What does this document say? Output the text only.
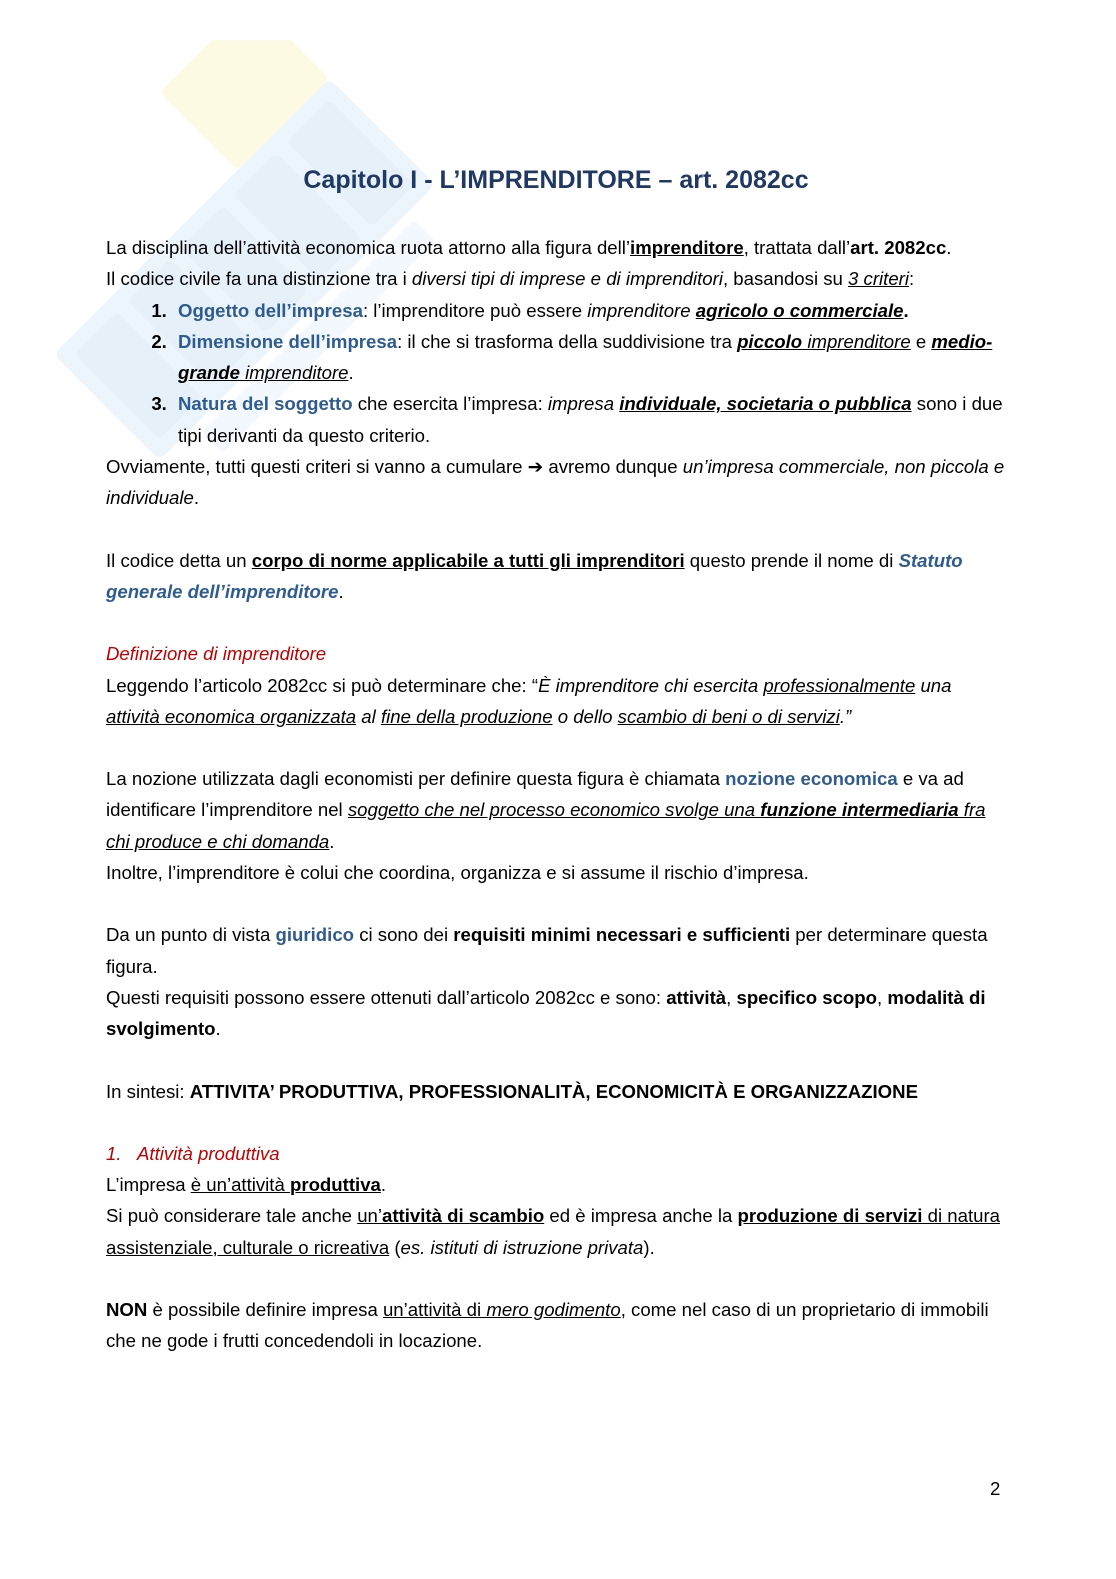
Capitolo I - L’IMPRENDITORE – art. 2082cc

La disciplina dell’attività economica ruota attorno alla figura dell’imprenditore, trattata dall’art. 2082cc.

Il codice civile fa una distinzione tra i diversi tipi di imprese e di imprenditori, basandosi su 3 criteri:

1. Oggetto dell’impresa: l’imprenditore può essere imprenditore agricolo o commerciale.
2. Dimensione dell’impresa: il che si trasforma della suddivisione tra piccolo imprenditore e medio-grande imprenditore.
3. Natura del soggetto che esercita l’impresa: impresa individuale, societaria o pubblica sono i due tipi derivanti da questo criterio.

Ovviamente, tutti questi criteri si vanno a cumulare ➔ avremo dunque un’impresa commerciale, non piccola e individuale.

Il codice detta un corpo di norme applicabile a tutti gli imprenditori questo prende il nome di Statuto generale dell’imprenditore.

Definizione di imprenditore

Leggendo l’articolo 2082cc si può determinare che: “È imprenditore chi esercita professionalmente una attività economica organizzata al fine della produzione o dello scambio di beni o di servizi.”

La nozione utilizzata dagli economisti per definire questa figura è chiamata nozione economica e va ad identificare l’imprenditore nel soggetto che nel processo economico svolge una funzione intermediaria fra chi produce e chi domanda.

Inoltre, l’imprenditore è colui che coordina, organizza e si assume il rischio d’impresa.

Da un punto di vista giuridico ci sono dei requisiti minimi necessari e sufficienti per determinare questa figura.

Questi requisiti possono essere ottenuti dall’articolo 2082cc e sono: attività, specifico scopo, modalità di svolgimento.

In sintesi: ATTIVITA’ PRODUTTIVA, PROFESSIONALITÀ, ECONOMICITÀ E ORGANIZZAZIONE

1. Attività produttiva

L’impresa è un’attività produttiva.

Si può considerare tale anche un’attività di scambio ed è impresa anche la produzione di servizi di natura assistenziale, culturale o ricreativa (es. istituti di istruzione privata).

NON è possibile definire impresa un’attività di mero godimento, come nel caso di un proprietario di immobili che ne gode i frutti concedendoli in locazione.

2
